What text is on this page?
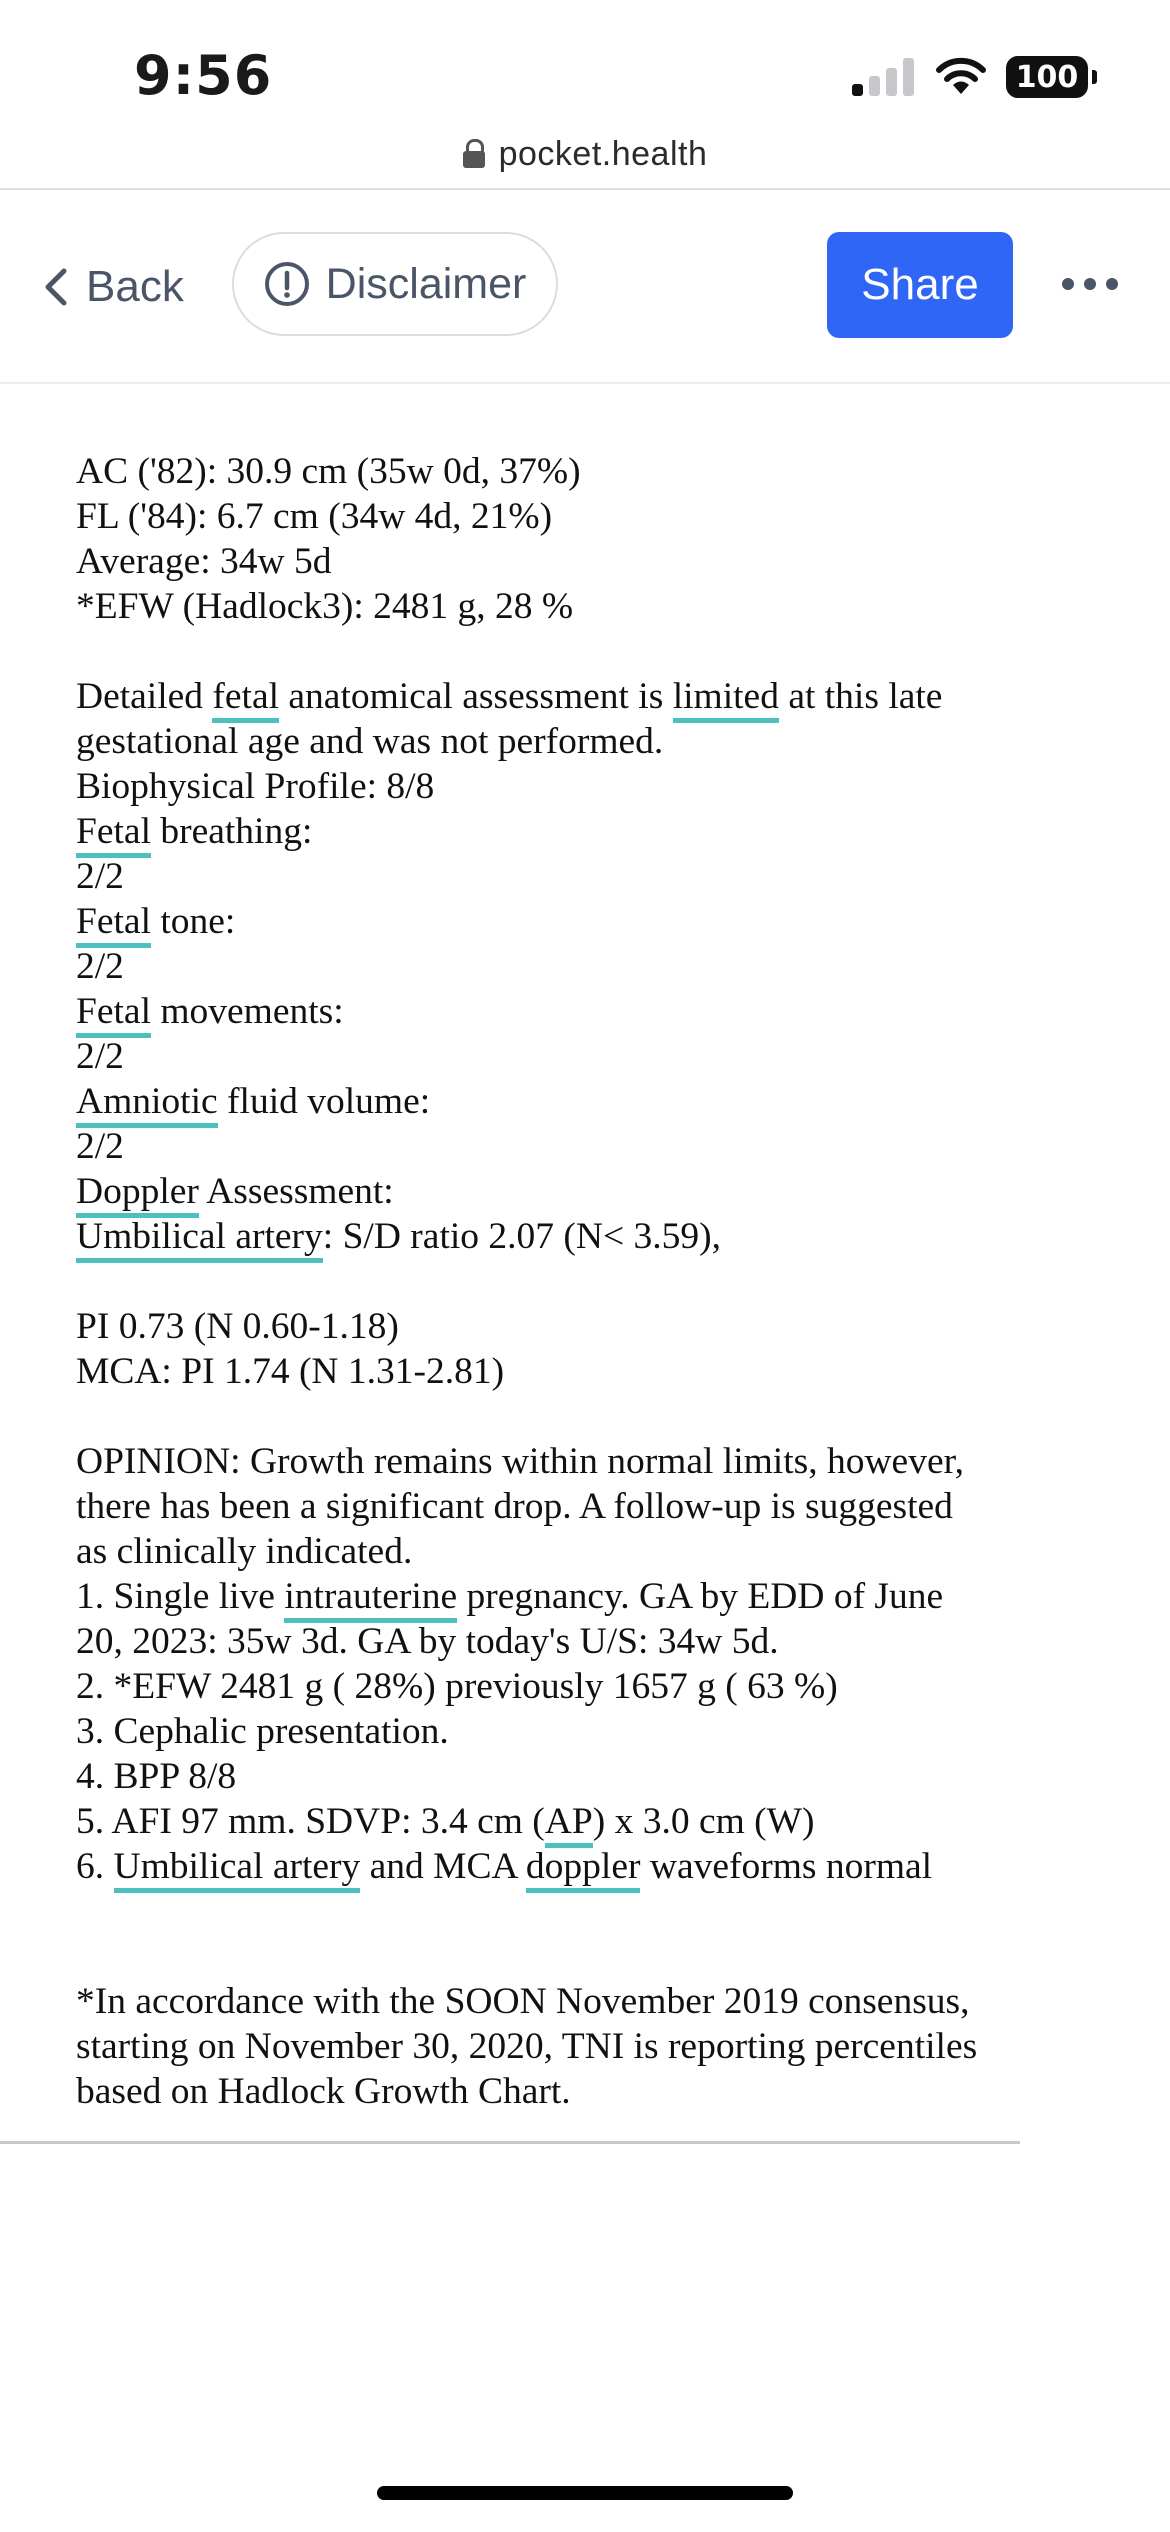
9:56	100
pocket.health
Back	Disclaimer	Share
AC ('82): 30.9 cm (35w 0d, 37%)
FL ('84): 6.7 cm (34w 4d, 21%)
Average: 34w 5d
*EFW (Hadlock3): 2481 g, 28 %
Detailed fetal anatomical assessment is limited at this late
gestational age and was not performed.
Biophysical Profile: 8/8
Fetal breathing:
2/2
Fetal tone:
2/2
Fetal movements:
2/2
Amniotic fluid volume:
2/2
Doppler Assessment:
Umbilical artery: S/D ratio 2.07 (N< 3.59),
PI 0.73 (N 0.60-1.18)
MCA: PI 1.74 (N 1.31-2.81)
OPINION: Growth remains within normal limits, however,
there has been a significant drop. A follow-up is suggested
as clinically indicated.
1. Single live intrauterine pregnancy. GA by EDD of June
20, 2023: 35w 3d. GA by today's U/S: 34w 5d.
2. *EFW 2481 g ( 28%) previously 1657 g ( 63 %)
3. Cephalic presentation.
4. BPP 8/8
5. AFI 97 mm. SDVP: 3.4 cm (AP) x 3.0 cm (W)
6. Umbilical artery and MCA doppler waveforms normal
*In accordance with the SOON November 2019 consensus,
starting on November 30, 2020, TNI is reporting percentiles
based on Hadlock Growth Chart.
